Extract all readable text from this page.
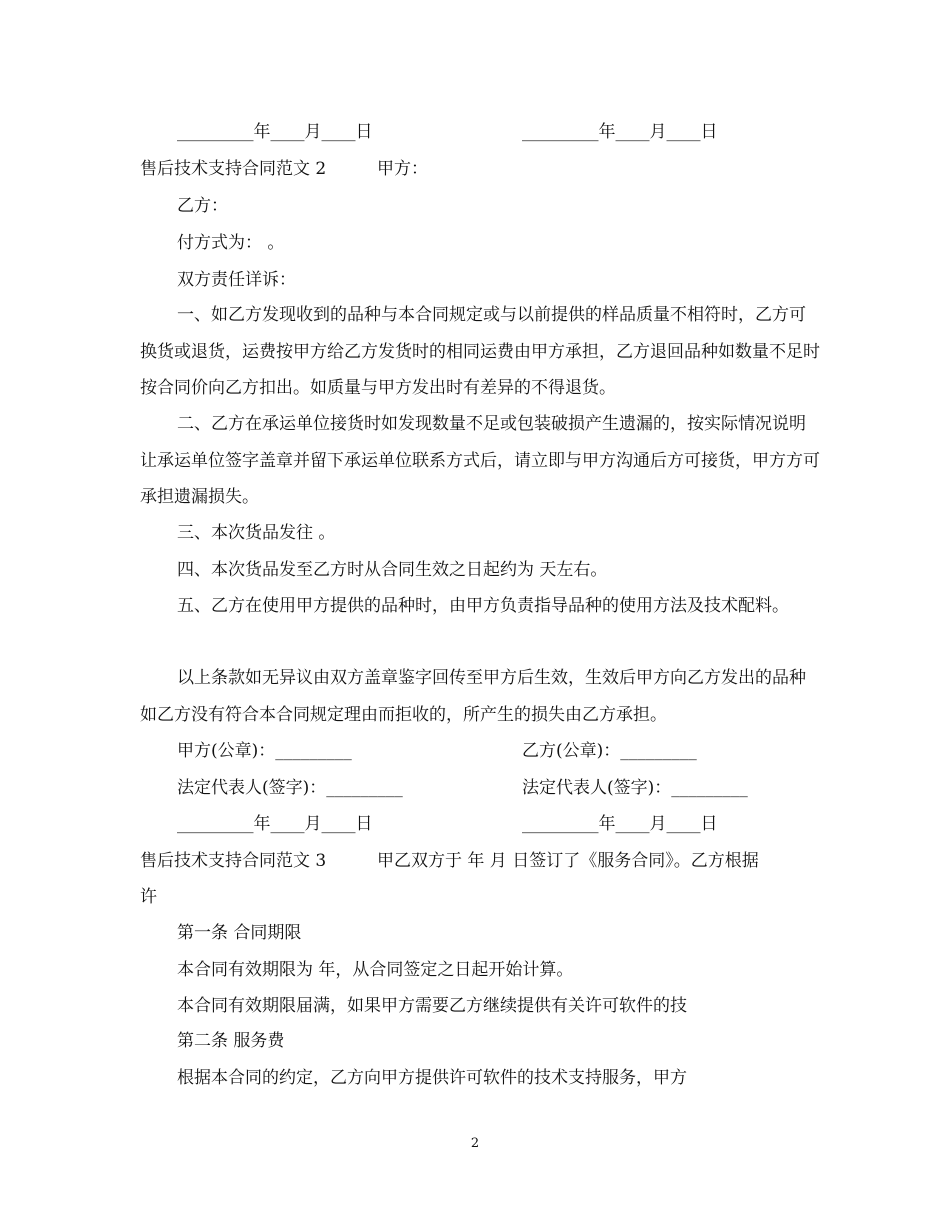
_________年____月____日	_________年____月____日
售后技术支持合同范文 2	甲方：
乙方：
付方式为： 。
双方责任详诉：
一、如乙方发现收到的品种与本合同规定或与以前提供的样品质量不相符时，乙方可换货或退货，运费按甲方给乙方发货时的相同运费由甲方承担，乙方退回品种如数量不足时按合同价向乙方扣出。如质量与甲方发出时有差异的不得退货。
二、乙方在承运单位接货时如发现数量不足或包装破损产生遗漏的，按实际情况说明让承运单位签字盖章并留下承运单位联系方式后，请立即与甲方沟通后方可接货，甲方方可承担遗漏损失。
三、本次货品发往 。
四、本次货品发至乙方时从合同生效之日起约为 天左右。
五、乙方在使用甲方提供的品种时，由甲方负责指导品种的使用方法及技术配料。
以上条款如无异议由双方盖章鉴字回传至甲方后生效，生效后甲方向乙方发出的品种如乙方没有符合本合同规定理由而拒收的，所产生的损失由乙方承担。
甲方(公章)：_________	乙方(公章)：_________
法定代表人(签字)：_________	法定代表人(签字)：_________
_________年____月____日	_________年____月____日
售后技术支持合同范文 3	甲乙双方于 年 月 日签订了《服务合同》。乙方根据
许
第一条 合同期限
本合同有效期限为 年，从合同签定之日起开始计算。
本合同有效期限届满，如果甲方需要乙方继续提供有关许可软件的技
第二条 服务费
根据本合同的约定，乙方向甲方提供许可软件的技术支持服务，甲方
2
